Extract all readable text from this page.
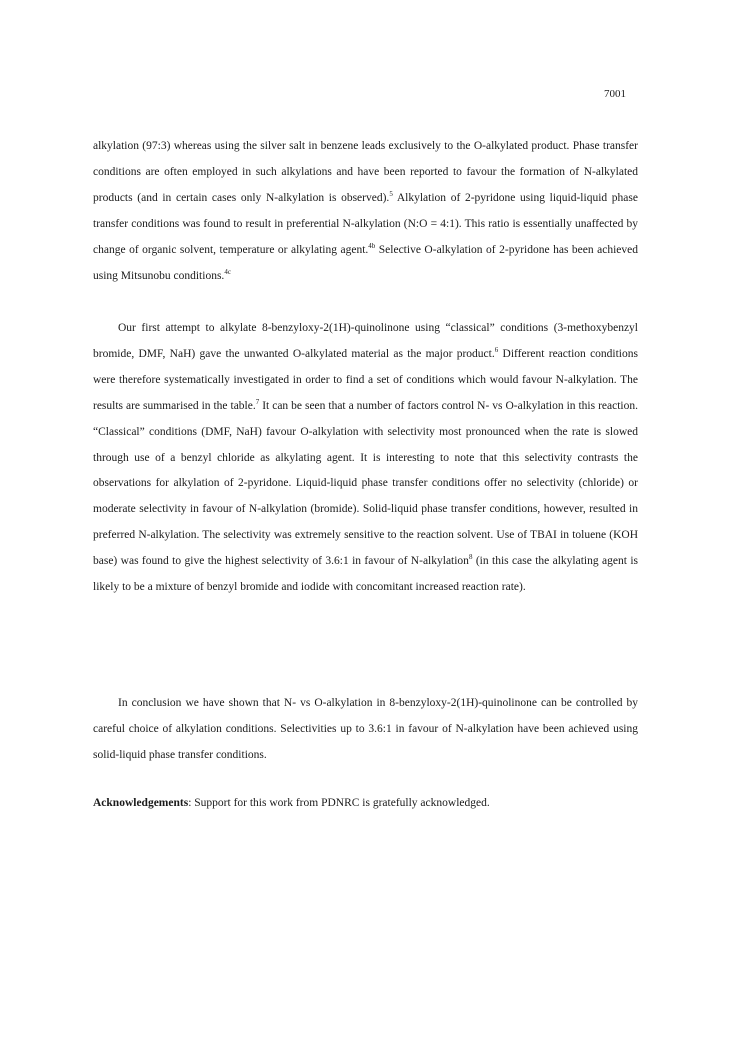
7001

alkylation (97:3) whereas using the silver salt in benzene leads exclusively to the O-alkylated product. Phase transfer conditions are often employed in such alkylations and have been reported to favour the formation of N-alkylated products (and in certain cases only N-alkylation is observed).$^5$ Alkylation of 2-pyridone using liquid-liquid phase transfer conditions was found to result in preferential N-alkylation (N:O = 4:1). This ratio is essentially unaffected by change of organic solvent, temperature or alkylating agent.$^{4b}$ Selective O-alkylation of 2-pyridone has been achieved using Mitsunobu conditions.$^{4c}$

Our first attempt to alkylate 8-benzyloxy-2(1H)-quinolinone using “classical” conditions (3-methoxybenzyl bromide, DMF, NaH) gave the unwanted O-alkylated material as the major product.$^6$ Different reaction conditions were therefore systematically investigated in order to find a set of conditions which would favour N-alkylation. The results are summarised in the table.$^7$ It can be seen that a number of factors control N- vs O-alkylation in this reaction. “Classical” conditions (DMF, NaH) favour O-alkylation with selectivity most pronounced when the rate is slowed through use of a benzyl chloride as alkylating agent. It is interesting to note that this selectivity contrasts the observations for alkylation of 2-pyridone. Liquid-liquid phase transfer conditions offer no selectivity (chloride) or moderate selectivity in favour of N-alkylation (bromide). Solid-liquid phase transfer conditions, however, resulted in preferred N-alkylation. The selectivity was extremely sensitive to the reaction solvent. Use of TBAI in toluene (KOH base) was found to give the highest selectivity of 3.6:1 in favour of N-alkylation$^8$ (in this case the alkylating agent is likely to be a mixture of benzyl bromide and iodide with concomitant increased reaction rate).

In conclusion we have shown that N- vs O-alkylation in 8-benzyloxy-2(1H)-quinolinone can be controlled by careful choice of alkylation conditions. Selectivities up to 3.6:1 in favour of N-alkylation have been achieved using solid-liquid phase transfer conditions.

Acknowledgements: Support for this work from PDNRC is gratefully acknowledged.
